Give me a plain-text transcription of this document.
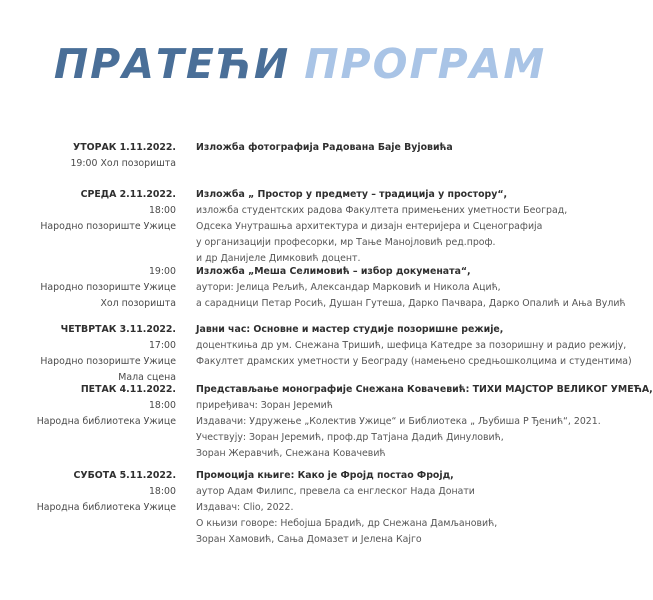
ПРАТЕЋИ ПРОГРАМ
УТОРАК 1.11.2022.
19:00 Хол позоришта
Изложба фотографија Радована Баје Вујовића
СРЕДА 2.11.2022.
18:00
Народно позориште Ужице
Изложба „ Простор у предмету – традиција у простору“,
изложба студентских радова Факултета примењених уметности Београд,
Одсека Унутрашња архитектура и дизајн ентеријера и Сценографија
у организацији професорки, мр Тање Манојловић ред.проф.
и др Даниjеле Димковић доцент.
19:00
Народно позориште Ужице
Хол позоришта
Изложба „Меша Селимовић – избор докумената“,
аутори: Јелица Рељић, Александар Марковић и Никола Ацић,
а сарадници Петар Росић, Душан Гутеша, Дарко Пачвара, Дарко Опалић и Ања Вулић
ЧЕТВРТАК 3.11.2022.
17:00
Народно позориште Ужице
Мала сцена
Јавни час: Основне и мастер студије позоришне режије,
доценткиња др ум. Снежана Тришић, шефица Катедре за позоришну и радио режију,
Факултет драмских уметности у Београду (намењено средњошколцима и студентима)
ПЕТАК 4.11.2022.
18:00
Народна библиотека Ужице
Представљање монографије Снежана Ковачевић: ТИХИ МАЈСТОР ВЕЛИКОГ УМЕЋА,
приређивач: Зоран Јеремић
Издавачи: Удружење „Колектив Ужице“ и Библиотека „ Љубиша Р Ђенић“, 2021.
Учествују: Зоран Јеремић, проф.др Татјана Дадић Динуловић,
Зоран Жеравчић, Снежана Ковачевић
СУБОТА 5.11.2022.
18:00
Народна библиотека Ужице
Промоција књиге: Како је Фројд постао Фројд,
аутор Адам Филипс, превела са енглеског Нада Донати
Издавач: Clio, 2022.
О књизи говоре: Небојша Брадић, др Снежана Дамљановић,
Зоран Хамовић, Сања Домазет и Јелена Кајго
